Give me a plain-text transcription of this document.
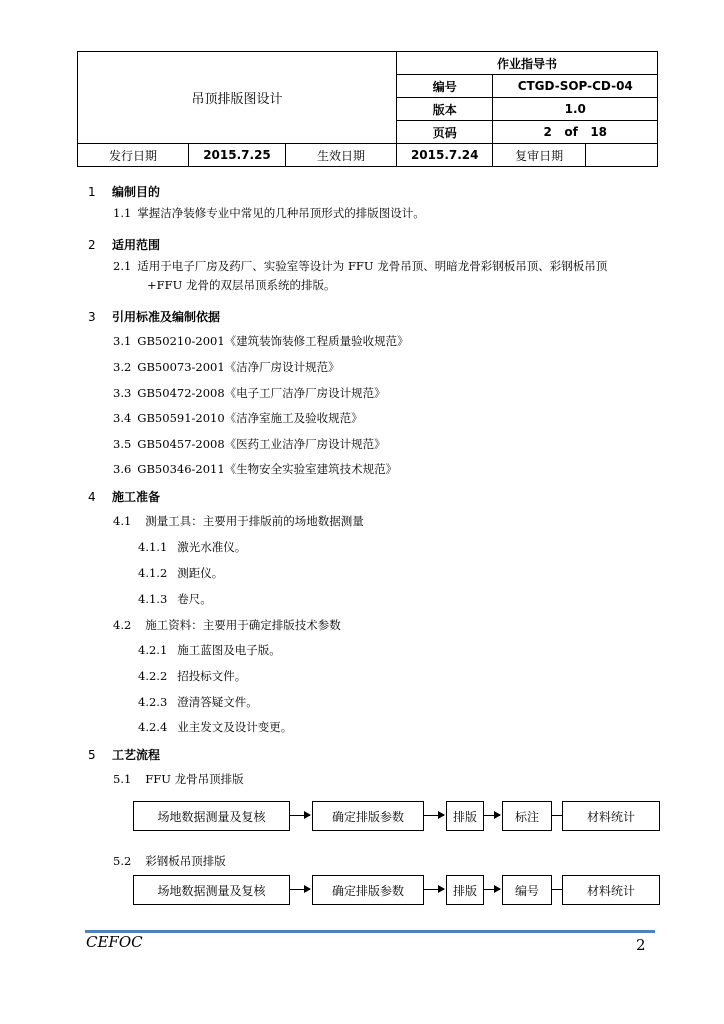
吊顶排版图设计			作业指导书		
			编号	CTGD-SOP-CD-04	
			版本	1.0	
			页码	2   of   18	
发行日期	2015.7.25	生效日期	2015.7.24	复审日期	
1 编制目的
1.1 掌握洁净装修专业中常见的几种吊顶形式的排版图设计。
2 适用范围
2.1 适用于电子厂房及药厂、实验室等设计为 FFU 龙骨吊顶、明暗龙骨彩钢板吊顶、彩钢板吊顶
+FFU 龙骨的双层吊顶系统的排版。
3 引用标准及编制依据
3.1 GB50210-2001《建筑装饰装修工程质量验收规范》
3.2 GB50073-2001《洁净厂房设计规范》
3.3 GB50472-2008《电子工厂洁净厂房设计规范》
3.4 GB50591-2010《洁净室施工及验收规范》
3.5 GB50457-2008《医药工业洁净厂房设计规范》
3.6 GB50346-2011《生物安全实验室建筑技术规范》
4 施工准备
4.1 测量工具：主要用于排版前的场地数据测量
4.1.1 激光水准仪。
4.1.2 测距仪。
4.1.3 卷尺。
4.2 施工资料：主要用于确定排版技术参数
4.2.1 施工蓝图及电子版。
4.2.2 招投标文件。
4.2.3 澄清答疑文件。
4.2.4 业主发文及设计变更。
5 工艺流程
5.1 FFU 龙骨吊顶排版
场地数据测量及复核	确定排版参数	排版	标注	材料统计
5.2 彩钢板吊顶排版
场地数据测量及复核	确定排版参数	排版	编号	材料统计
CEFOC	2
